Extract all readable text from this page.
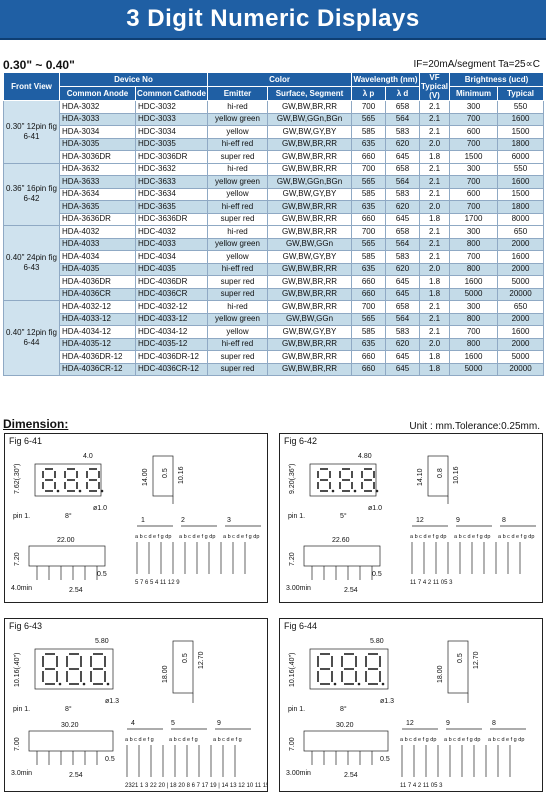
3 Digit Numeric Displays
0.30" ~ 0.40"	IF=20mA/segment Ta=25∝C
Front View	Device No		Color		Wavelength (nm)		VF Typical (V)	Brightness (ucd)	
	Common Anode	Common Cathode	Emitter	Surface, Segment	λ p	λ d		Minimum	Typical
0.30" 12pin fig 6-41	HDA-3032	HDC-3032	hi-red	GW,BW,BR,RR	700	658	2.1	300	550
	HDA-3033	HDC-3033	yellow green	GW,BW,GGn,BGn	565	564	2.1	700	1600
	HDA-3034	HDC-3034	yellow	GW,BW,GY,BY	585	583	2.1	600	1500
	HDA-3035	HDC-3035	hi-eff red	GW,BW,BR,RR	635	620	2.0	700	1800
	HDA-3036DR	HDC-3036DR	super red	GW,BW,BR,RR	660	645	1.8	1500	6000
0.36" 16pin fig 6-42	HDA-3632	HDC-3632	hi-red	GW,BW,BR,RR	700	658	2.1	300	550
	HDA-3633	HDC-3633	yellow green	GW,BW,GGn,BGn	565	564	2.1	700	1600
	HDA-3634	HDC-3634	yellow	GW,BW,GY,BY	585	583	2.1	600	1500
	HDA-3635	HDC-3635	hi-eff red	GW,BW,BR,RR	635	620	2.0	700	1800
	HDA-3636DR	HDC-3636DR	super red	GW,BW,BR,RR	660	645	1.8	1700	8000
0.40" 24pin fig 6-43	HDA-4032	HDC-4032	hi-red	GW,BW,BR,RR	700	658	2.1	300	650
	HDA-4033	HDC-4033	yellow green	GW,BW,GGn	565	564	2.1	800	2000
	HDA-4034	HDC-4034	yellow	GW,BW,GY,BY	585	583	2.1	700	1600
	HDA-4035	HDC-4035	hi-eff red	GW,BW,BR,RR	635	620	2.0	800	2000
	HDA-4036DR	HDC-4036DR	super red	GW,BW,BR,RR	660	645	1.8	1600	5000
	HDA-4036CR	HDC-4036CR	super red	GW,BW,BR,RR	660	645	1.8	5000	20000
0.40" 12pin fig 6-44	HDA-4032-12	HDC-4032-12	hi-red	GW,BW,BR,RR	700	658	2.1	300	650
	HDA-4033-12	HDC-4033-12	yellow green	GW,BW,GGn	565	564	2.1	800	2000
	HDA-4034-12	HDC-4034-12	yellow	GW,BW,GY,BY	585	583	2.1	700	1600
	HDA-4035-12	HDC-4035-12	hi-eff red	GW,BW,BR,RR	635	620	2.0	800	2000
	HDA-4036DR-12	HDC-4036DR-12	super red	GW,BW,BR,RR	660	645	1.8	1600	5000
	HDA-4036CR-12	HDC-4036CR-12	super red	GW,BW,BR,RR	660	645	1.8	5000	20000
Dimension:	Unit : mm.Tolerance:0.25mm.
Fig 6-41
4.0
7.62(.30")
pin 1.	8°
ø1.0
14.00 0.5 10.16
22.00
7.20
0.5
2.54
4.0min
1	2	3
a b c d e f g dp a b c d e f g dp a b c d e f g dp
5 7 6 5 4 11 12 9
Fig 6-42
4.80
9.20(.36")
pin 1.	5°
ø1.0
14.10 0.8 10.16
22.60
7.20
0.5
2.54
3.00min
12	9	8
a b c d e f g dp a b c d e f g dp a b c d e f g dp
11 7 4 2 11 05 3
Fig 6-43
5.80
10.16(.40")
pin 1.	8°
ø1.3
18.00
0.5 12.70
30.20
7.00
0.5
2.54
3.0min
4	5	9
a b c d e f g	a b c d e f g	a b c d e f g
2321 1 3 22 20 | 18 20 8 6 7 17 19 | 14 13 12 10 11 15 16
Fig 6-44
5.80
10.16(.40")
pin 1.	8°
ø1.3
18.00
0.5 12.70
30.20
7.00
0.5
2.54
3.00min
12	9	8
a b c d e f g dp a b c d e f g dp a b c d e f g dp
11 7 4 2 11 05 3
